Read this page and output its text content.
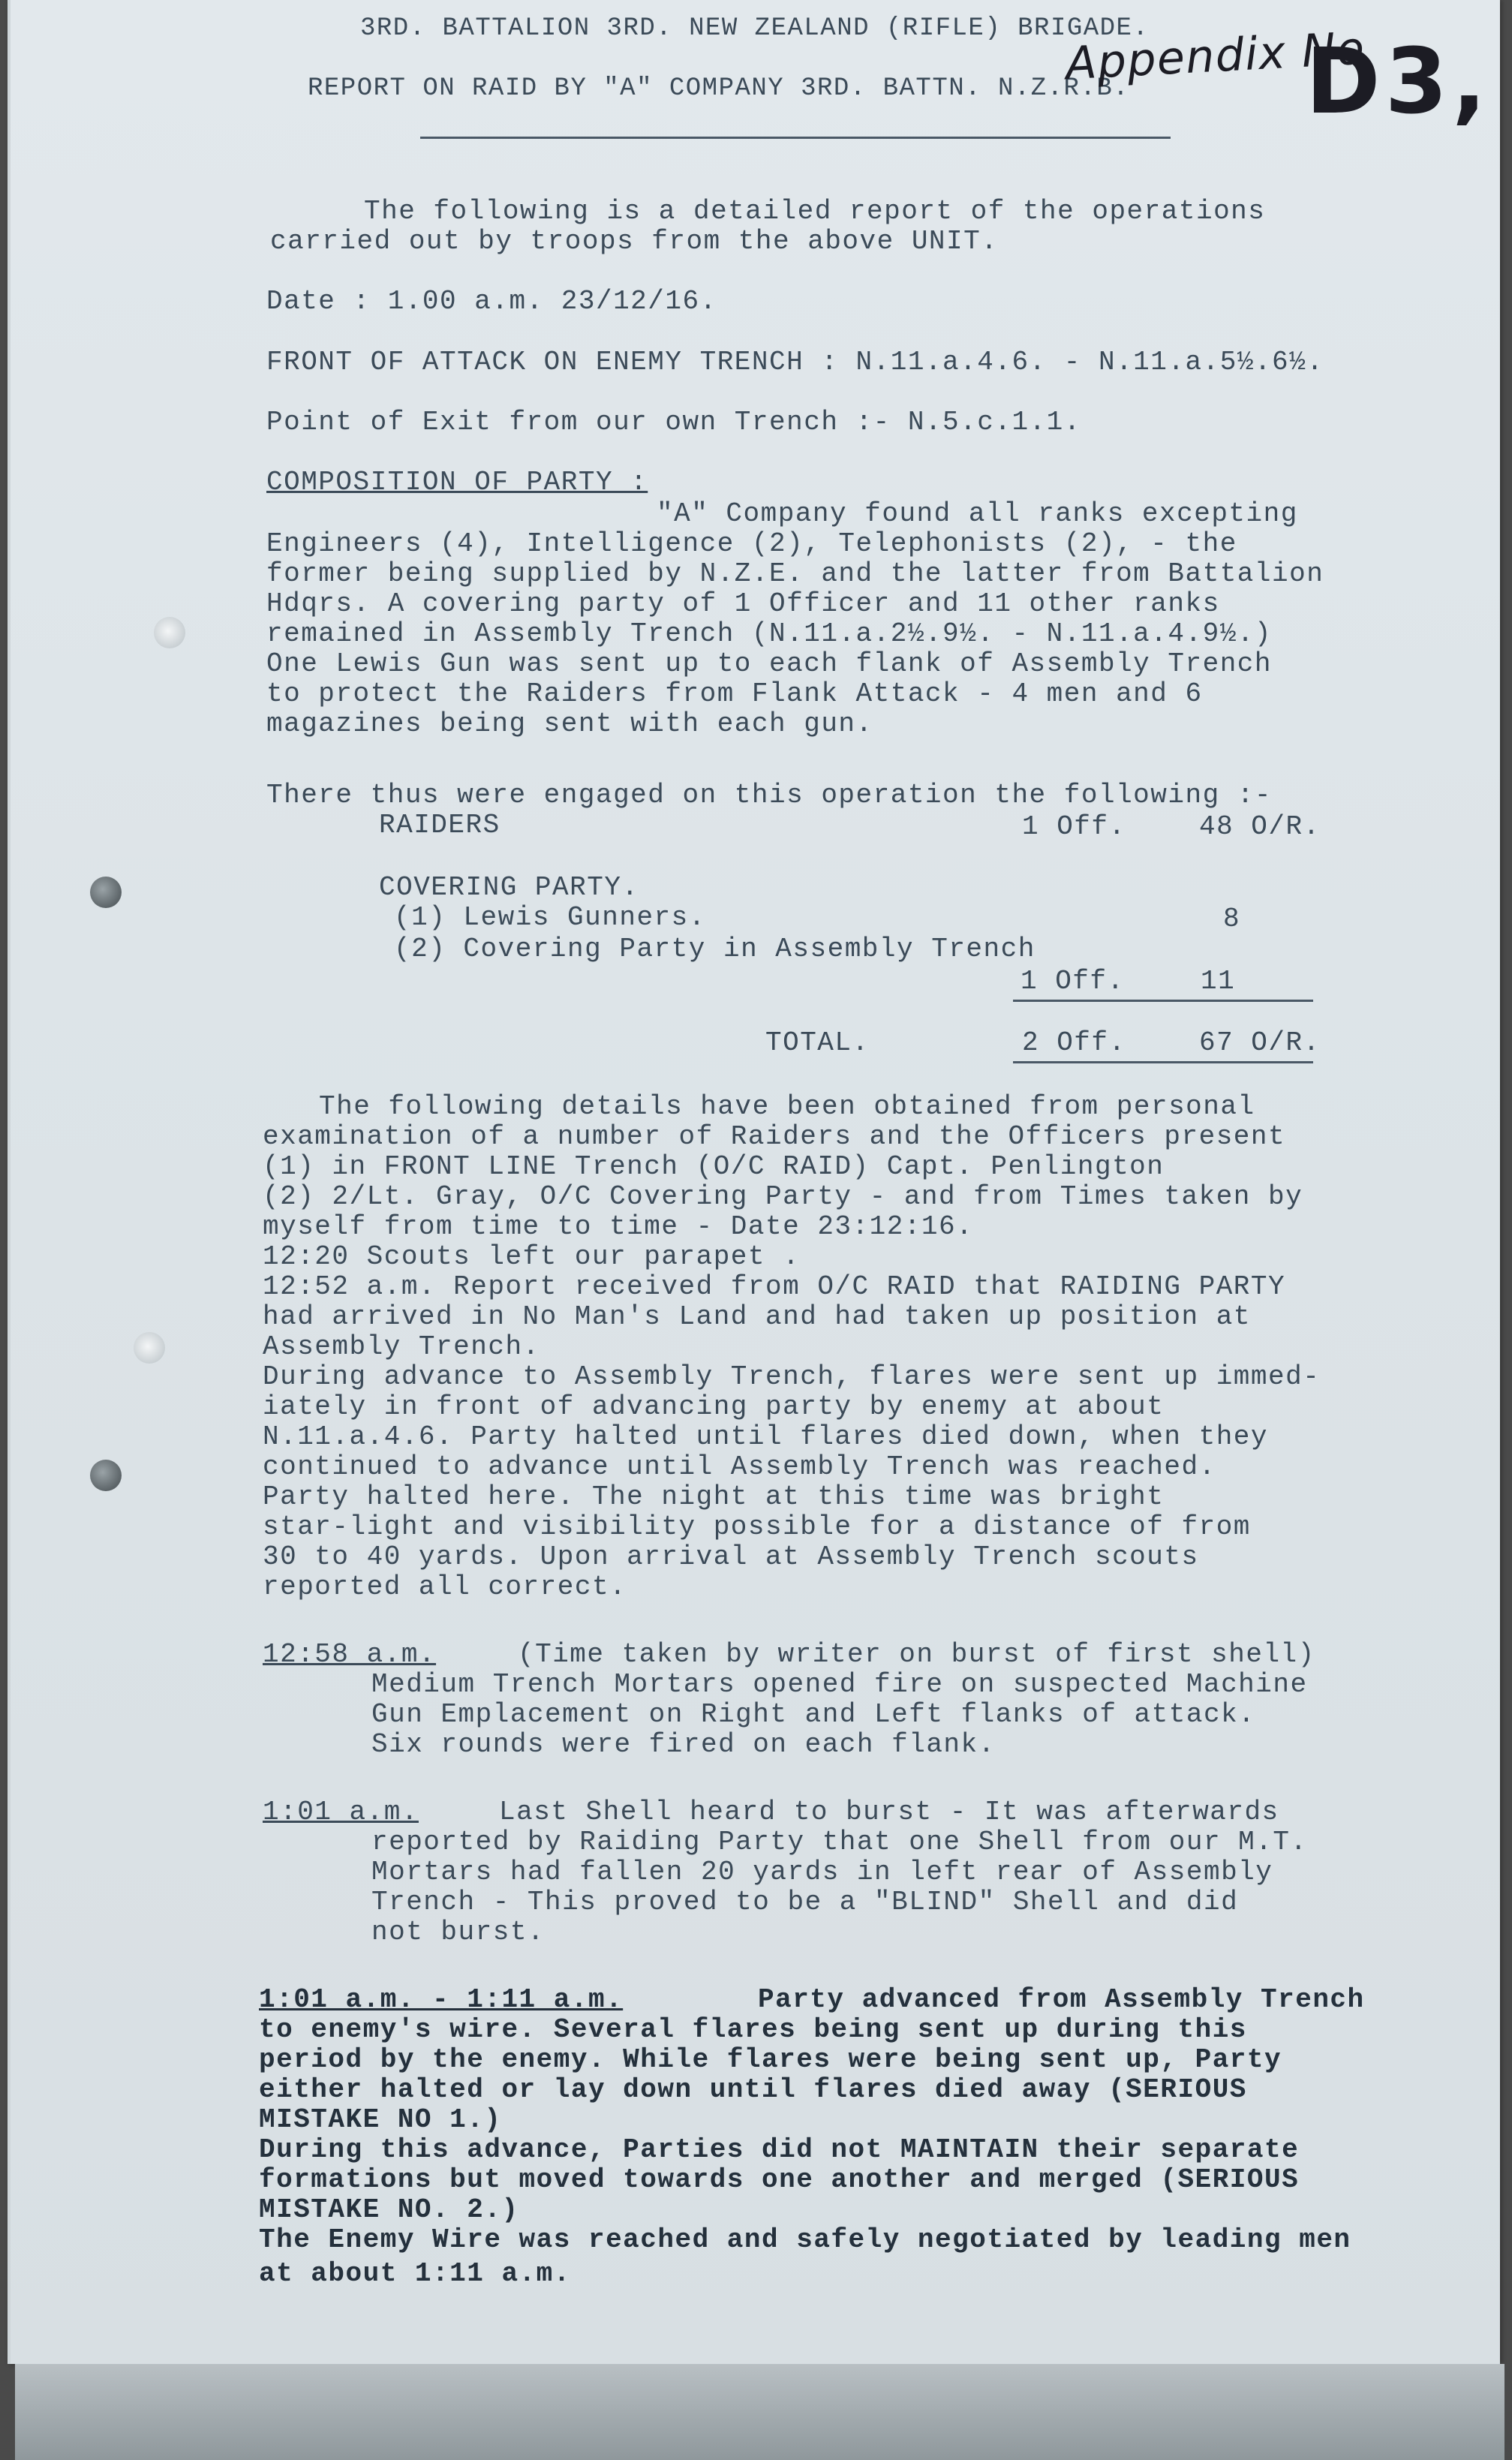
3RD. BATTALION 3RD. NEW ZEALAND (RIFLE) BRIGADE.
REPORT ON RAID BY "A" COMPANY 3RD. BATTN. N.Z.R.B.
Appendix No
D3,
The following is a detailed report of the operations
carried out by troops from the above UNIT.
Date : 1.00 a.m. 23/12/16.
FRONT OF ATTACK ON ENEMY TRENCH : N.11.a.4.6. - N.11.a.5½.6½.
Point of Exit from our own Trench :- N.5.c.1.1.
COMPOSITION OF PARTY :
"A" Company found all ranks excepting
Engineers (4), Intelligence (2), Telephonists (2), - the
former being supplied by N.Z.E. and the latter from Battalion
Hdqrs. A covering party of 1 Officer and 11 other ranks
remained in Assembly Trench (N.11.a.2½.9½. - N.11.a.4.9½.)
One Lewis Gun was sent up to each flank of Assembly Trench
to protect the Raiders from Flank Attack - 4 men and 6
magazines being sent with each gun.
There thus were engaged on this operation the following :-
RAIDERS	1 Off.	48 O/R.
COVERING PARTY.
(1) Lewis Gunners.	8
(2) Covering Party in Assembly Trench
1 Off.	11
TOTAL.	2 Off.	67 O/R.
The following details have been obtained from personal
examination of a number of Raiders and the Officers present
(1) in FRONT LINE Trench (O/C RAID) Capt. Penlington
(2) 2/Lt. Gray, O/C Covering Party - and from Times taken by
myself from time to time - Date 23:12:16.
12:20 Scouts left our parapet .
12:52 a.m. Report received from O/C RAID that RAIDING PARTY
had arrived in No Man's Land and had taken up position at
Assembly Trench.
During advance to Assembly Trench, flares were sent up immed-
iately in front of advancing party by enemy at about
N.11.a.4.6. Party halted until flares died down, when they
continued to advance until Assembly Trench was reached.
Party halted here. The night at this time was bright
star-light and visibility possible for a distance of from
30 to 40 yards. Upon arrival at Assembly Trench scouts
reported all correct.
12:58 a.m.	(Time taken by writer on burst of first shell)
Medium Trench Mortars opened fire on suspected Machine
Gun Emplacement on Right and Left flanks of attack.
Six rounds were fired on each flank.
1:01 a.m.	Last Shell heard to burst - It was afterwards
reported by Raiding Party that one Shell from our M.T.
Mortars had fallen 20 yards in left rear of Assembly
Trench - This proved to be a "BLIND" Shell and did
not burst.
1:01 a.m. - 1:11 a.m.	Party advanced from Assembly Trench
to enemy's wire. Several flares being sent up during this
period by the enemy. While flares were being sent up, Party
either halted or lay down until flares died away (SERIOUS
MISTAKE NO 1.)
During this advance, Parties did not MAINTAIN their separate
formations but moved towards one another and merged (SERIOUS
MISTAKE NO. 2.)
The Enemy Wire was reached and safely negotiated by leading men
at about 1:11 a.m.
